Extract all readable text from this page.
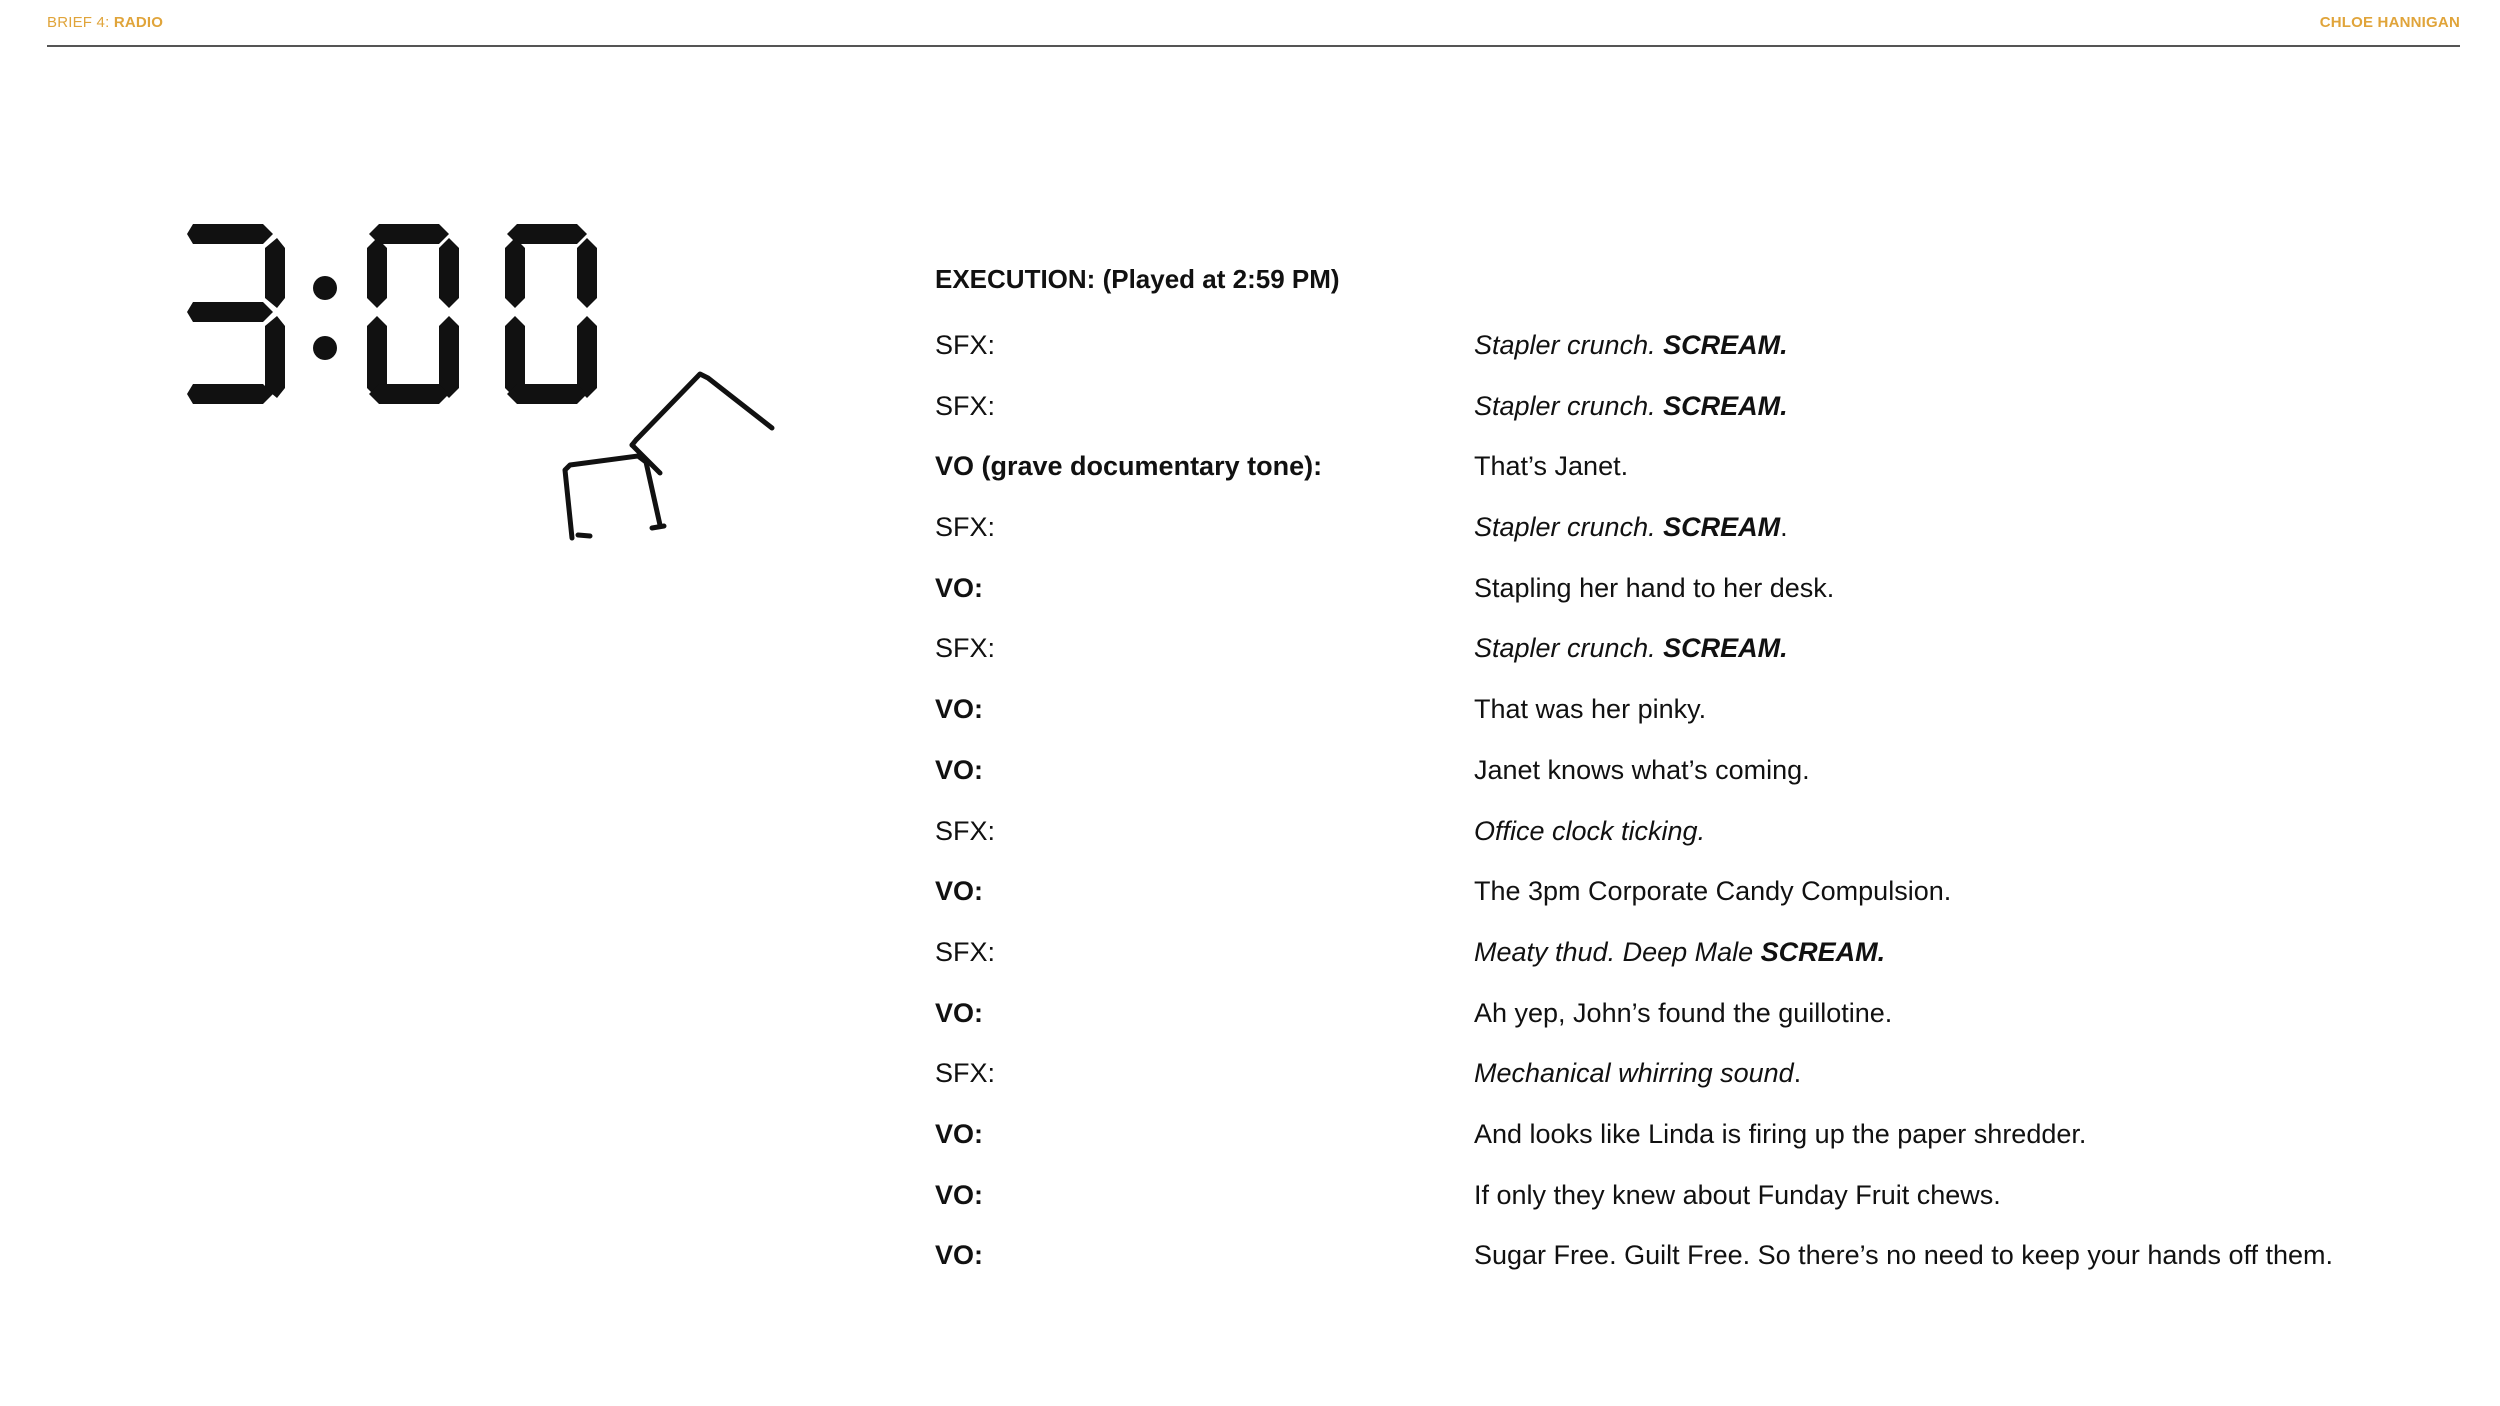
BRIEF 4: RADIO	CHLOE HANNIGAN
EXECUTION: (Played at 2:59 PM)
SFX:	Stapler crunch. SCREAM.
SFX:	Stapler crunch. SCREAM.
VO (grave documentary tone):	That’s Janet.
SFX:	Stapler crunch. SCREAM.
VO:	Stapling her hand to her desk.
SFX:	Stapler crunch. SCREAM.
VO:	That was her pinky.
VO:	Janet knows what’s coming.
SFX:	Office clock ticking.
VO:	The 3pm Corporate Candy Compulsion.
SFX:	Meaty thud. Deep Male SCREAM.
VO:	Ah yep, John’s found the guillotine.
SFX:	Mechanical whirring sound.
VO:	And looks like Linda is firing up the paper shredder.
VO:	If only they knew about Funday Fruit chews.
VO:	Sugar Free. Guilt Free. So there’s no need to keep your hands off them.
